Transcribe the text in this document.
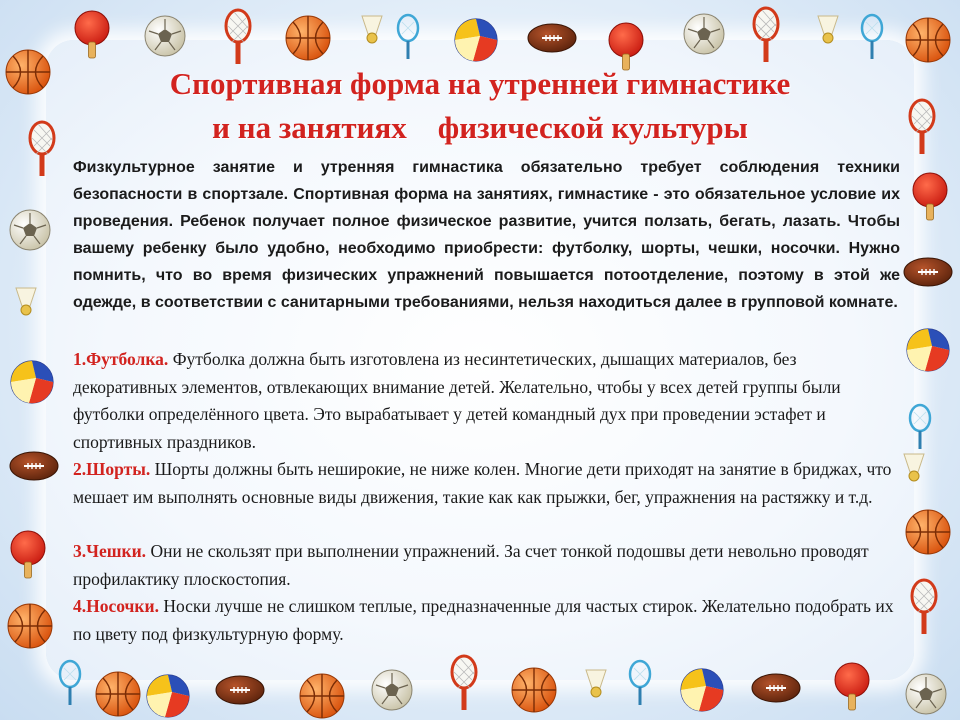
Спортивная форма на утренней гимнастике
и на занятиях    физической культуры
Физкультурное занятие и утренняя гимнастика обязательно требует соблюдения техники безопасности в спортзале. Спортивная форма на занятиях, гимнастике - это обязательное условие их проведения. Ребенок получает полное физическое развитие, учится ползать, бегать, лазать. Чтобы вашему ребенку было удобно, необходимо приобрести: футболку, шорты, чешки, носочки. Нужно помнить, что во время физических упражнений повышается потоотделение, поэтому в этой же одежде, в соответствии с санитарными требованиями, нельзя находиться далее в групповой комнате.
1.Футболка. Футболка должна быть изготовлена из несинтетических, дышащих материалов, без декоративных элементов, отвлекающих внимание детей. Желательно, чтобы у всех детей группы были футболки определённого цвета. Это вырабатывает у детей командный дух при проведении эстафет и спортивных праздников.
2.Шорты. Шорты должны быть неширокие, не ниже колен. Многие дети приходят на занятие в бриджах, что мешает им выполнять основные виды движения, такие как как прыжки, бег, упражнения на растяжку и т.д.
3.Чешки. Они не скользят при выполнении упражнений. За счет тонкой подошвы дети невольно проводят профилактику плоскостопия.
4.Носочки. Носки лучше не слишком теплые, предназначенные для частых стирок. Желательно подобрать их по цвету под физкультурную форму.
